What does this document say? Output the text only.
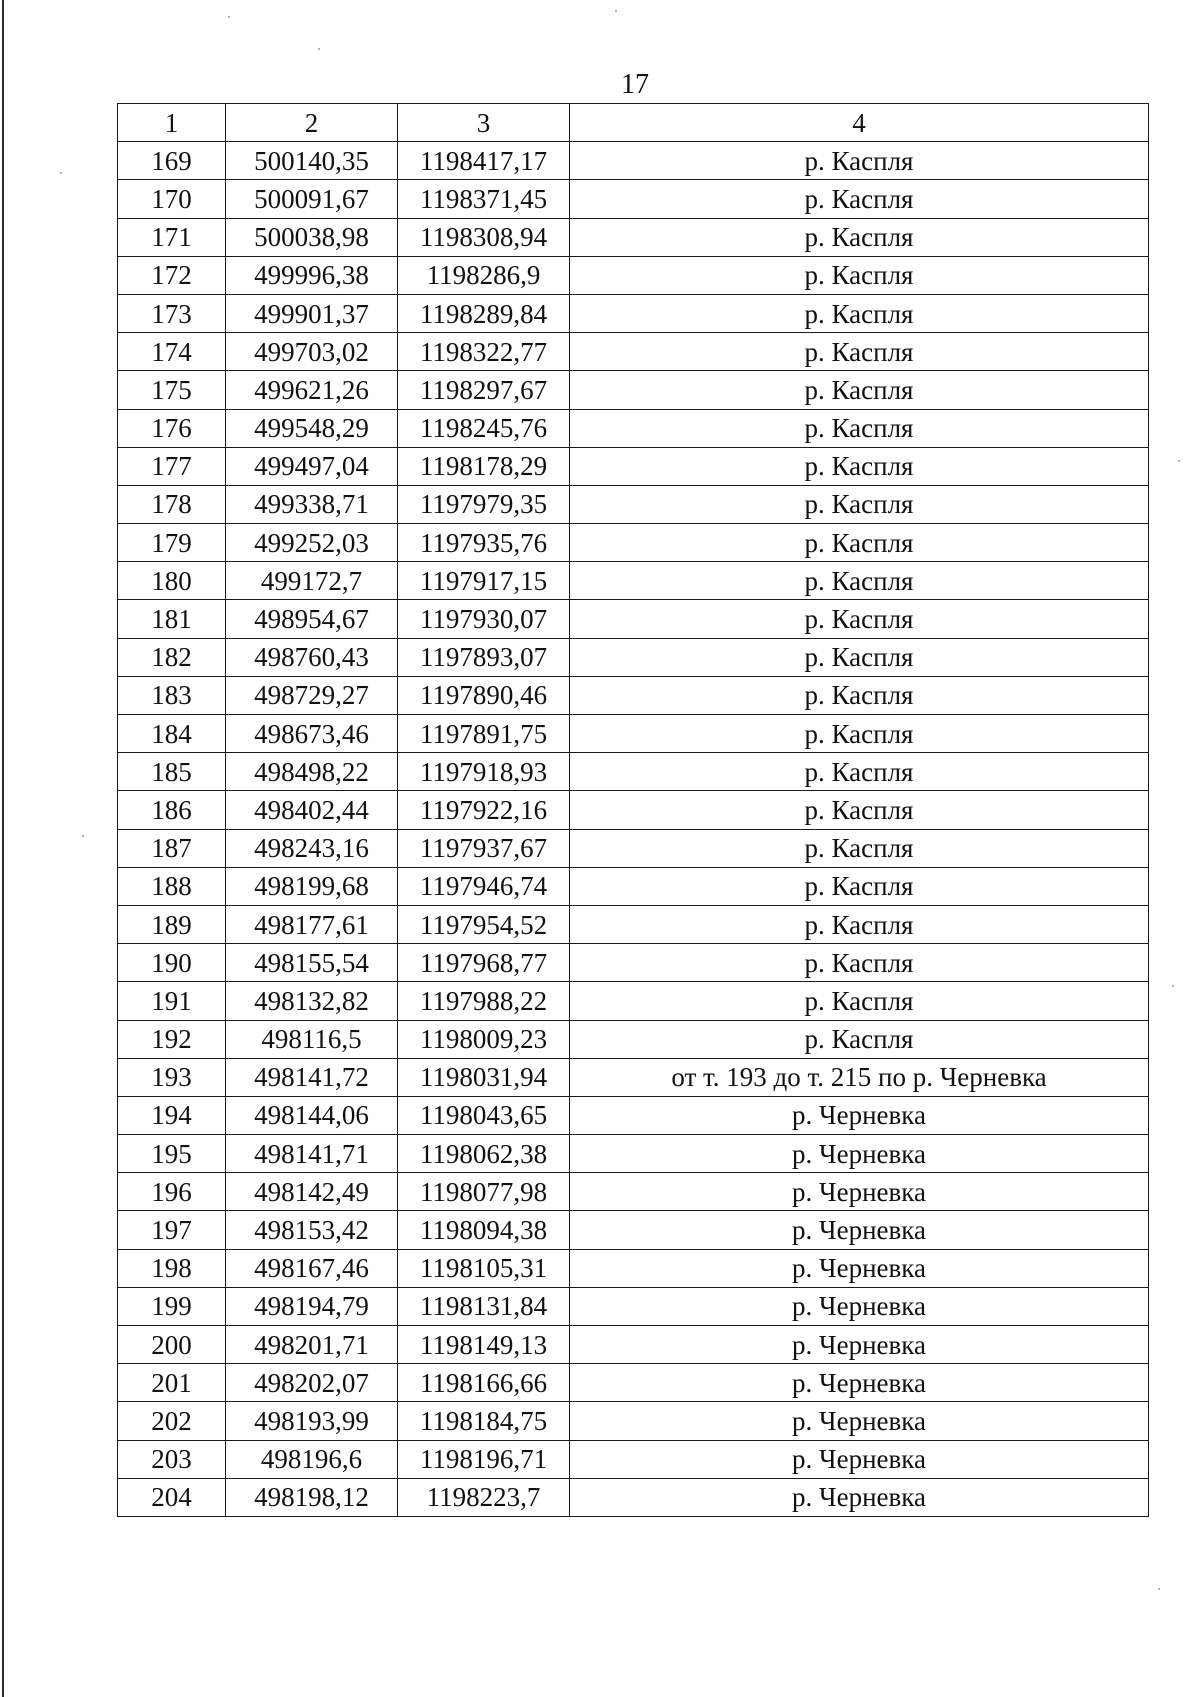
17
1	2	3	4
169	500140,35	1198417,17	р. Каспля
170	500091,67	1198371,45	р. Каспля
171	500038,98	1198308,94	р. Каспля
172	499996,38	1198286,9	р. Каспля
173	499901,37	1198289,84	р. Каспля
174	499703,02	1198322,77	р. Каспля
175	499621,26	1198297,67	р. Каспля
176	499548,29	1198245,76	р. Каспля
177	499497,04	1198178,29	р. Каспля
178	499338,71	1197979,35	р. Каспля
179	499252,03	1197935,76	р. Каспля
180	499172,7	1197917,15	р. Каспля
181	498954,67	1197930,07	р. Каспля
182	498760,43	1197893,07	р. Каспля
183	498729,27	1197890,46	р. Каспля
184	498673,46	1197891,75	р. Каспля
185	498498,22	1197918,93	р. Каспля
186	498402,44	1197922,16	р. Каспля
187	498243,16	1197937,67	р. Каспля
188	498199,68	1197946,74	р. Каспля
189	498177,61	1197954,52	р. Каспля
190	498155,54	1197968,77	р. Каспля
191	498132,82	1197988,22	р. Каспля
192	498116,5	1198009,23	р. Каспля
193	498141,72	1198031,94	от т. 193 до т. 215 по р. Черневка
194	498144,06	1198043,65	р. Черневка
195	498141,71	1198062,38	р. Черневка
196	498142,49	1198077,98	р. Черневка
197	498153,42	1198094,38	р. Черневка
198	498167,46	1198105,31	р. Черневка
199	498194,79	1198131,84	р. Черневка
200	498201,71	1198149,13	р. Черневка
201	498202,07	1198166,66	р. Черневка
202	498193,99	1198184,75	р. Черневка
203	498196,6	1198196,71	р. Черневка
204	498198,12	1198223,7	р. Черневка
